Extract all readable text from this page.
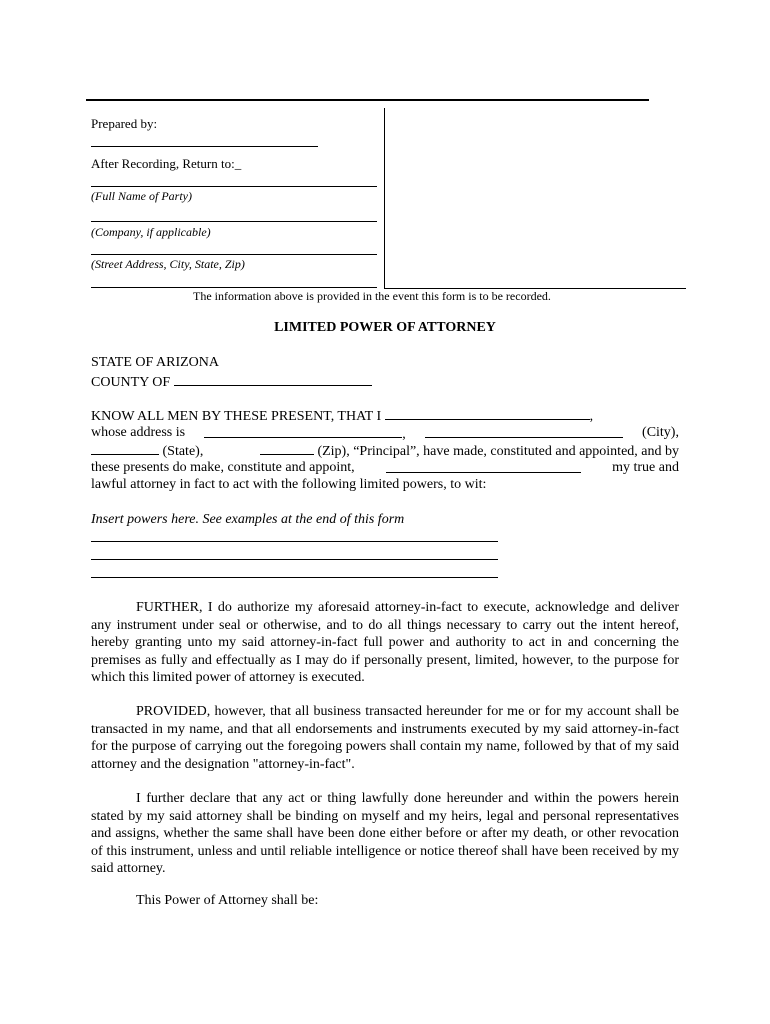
Prepared by:
After Recording, Return to:_
(Full Name of Party)
(Company, if applicable)
(Street Address, City, State, Zip)
The information above is provided in the event this form is to be recorded.
LIMITED POWER OF ATTORNEY
STATE OF ARIZONA
COUNTY OF
KNOW ALL MEN BY THESE PRESENT, THAT I	,
whose address is	,	(City),
(State),	(Zip), “Principal”, have made, constituted and appointed, and by
these presents do make, constitute and appoint,	my true and
lawful attorney in fact to act with the following limited powers, to wit:
Insert powers here. See examples at the end of this form

FURTHER, I do authorize my aforesaid attorney-in-fact to execute, acknowledge and deliver any instrument under seal or otherwise, and to do all things necessary to carry out the intent hereof, hereby granting unto my said attorney-in-fact full power and authority to act in and concerning the premises as fully and effectually as I may do if personally present, limited, however, to the purpose for which this limited power of attorney is executed.

PROVIDED, however, that all business transacted hereunder for me or for my account shall be transacted in my name, and that all endorsements and instruments executed by my said attorney-in-fact for the purpose of carrying out the foregoing powers shall contain my name, followed by that of my said attorney and the designation "attorney-in-fact".

I further declare that any act or thing lawfully done hereunder and within the powers herein stated by my said attorney shall be binding on myself and my heirs, legal and personal representatives and assigns, whether the same shall have been done either before or after my death, or other revocation of this instrument, unless and until reliable intelligence or notice thereof shall have been received by my said attorney.

This Power of Attorney shall be:
